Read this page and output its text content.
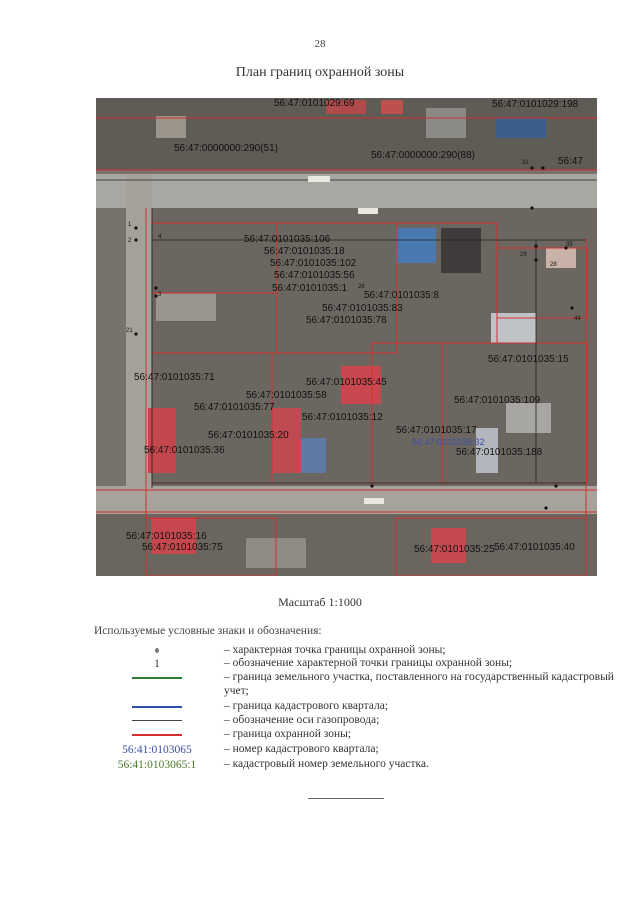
28
План границ охранной зоны
56:47:0101029:69	56:47:0101029:198
56:47:0000000:290(51)
56:47:0000000:290(88)
56:47
56:47:0101035:106
56:47:0101035:18
56:47:0101035:102
56:47:0101035:56
56:47:0101035:1
56:47:0101035:8
56:47:0101035:83
56:47:0101035:78
56:47:0101035:15
56:47:0101035:71	56:47:0101035:45
56:47:0101035:58
56:47:0101035:77
56:47:0101035:109
56:47:0101035:12
56:47:0101035:20	56:47:0101035:17
56:47:0101035:36	56:47:0101035:188
56:47:0101035:16
56:47:0101035:75	56:47:0101035:40
56:47:0101035:25
56:47:0101035:32
1
2
3
4
21
26
28
29
31
35
44
Масштаб 1:1000
Используемые условные знаки и обозначения:
– характерная точка границы охранной зоны;
1	– обозначение характерной точки границы охранной зоны;
– граница земельного участка, поставленного на государственный кадастровый учет;
– граница кадастрового квартала;
– обозначение оси газопровода;
– граница охранной зоны;
56:41:0103065	– номер кадастрового квартала;
56:41:0103065:1 – кадастровый номер земельного участка.
